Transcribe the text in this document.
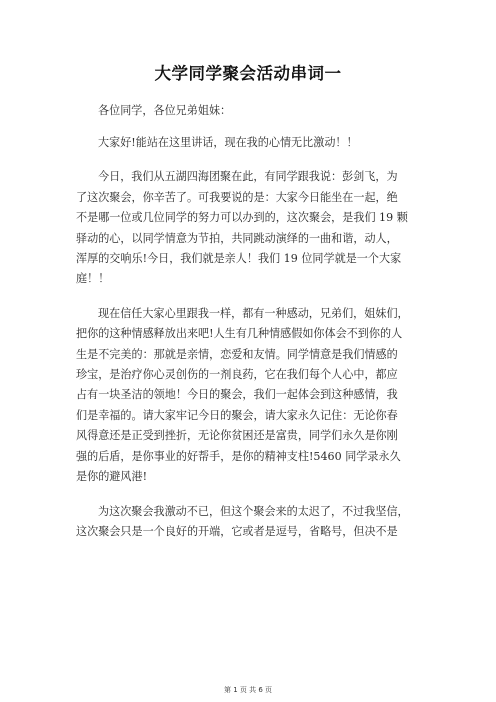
大学同学聚会活动串词一
各位同学，各位兄弟姐妹：
大家好!能站在这里讲话，现在我的心情无比激动！！
今日，我们从五湖四海团聚在此，有同学跟我说：彭剑飞，为
了这次聚会，你辛苦了。可我要说的是：大家今日能坐在一起，绝
不是哪一位或几位同学的努力可以办到的，这次聚会，是我们 19 颗
驿动的心，以同学情意为节拍，共同跳动演绎的一曲和谐，动人，
浑厚的交响乐!今日，我们就是亲人！我们 19 位同学就是一个大家
庭！！
现在信任大家心里跟我一样，都有一种感动，兄弟们，姐妹们，
把你的这种情感释放出来吧!人生有几种情感假如你体会不到你的人
生是不完美的：那就是亲情，恋爱和友情。同学情意是我们情感的
珍宝，是治疗你心灵创伤的一剂良药，它在我们每个人心中，都应
占有一块圣洁的领地！今日的聚会，我们一起体会到这种感情，我
们是幸福的。请大家牢记今日的聚会，请大家永久记住：无论你春
风得意还是正受到挫折，无论你贫困还是富贵，同学们永久是你刚
强的后盾，是你事业的好帮手，是你的精神支柱!5460 同学录永久
是你的避风港!
为这次聚会我激动不已，但这个聚会来的太迟了，不过我坚信，
这次聚会只是一个良好的开端，它或者是逗号，省略号，但决不是
第 1 页 共 6 页
